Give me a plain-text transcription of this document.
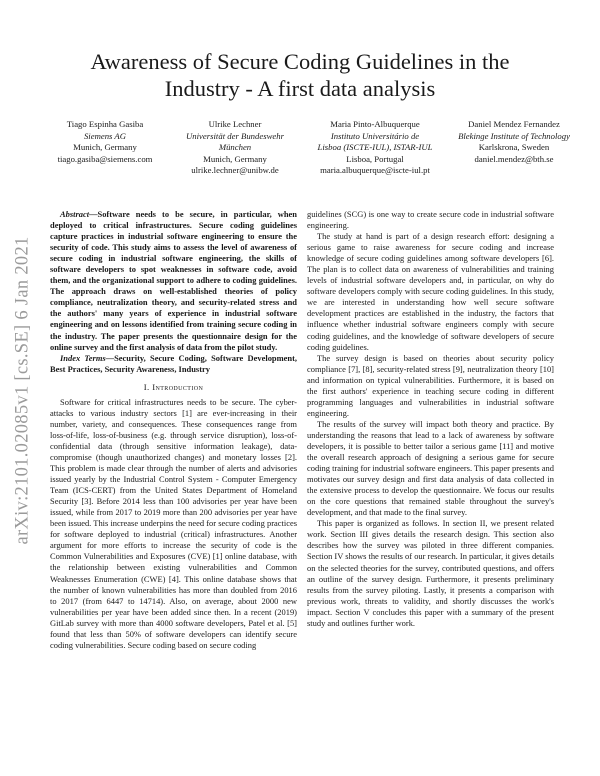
Awareness of Secure Coding Guidelines in the Industry - A first data analysis
Tiago Espinha Gasiba
Siemens AG
Munich, Germany
tiago.gasiba@siemens.com
Ulrike Lechner
Universität der Bundeswehr
München
Munich, Germany
ulrike.lechner@unibw.de
Maria Pinto-Albuquerque
Instituto Universitário de
Lisboa (ISCTE-IUL), ISTAR-IUL
Lisboa, Portugal
maria.albuquerque@iscte-iul.pt
Daniel Mendez Fernandez
Blekinge Institute of Technology
Karlskrona, Sweden
daniel.mendez@bth.se
arXiv:2101.02085v1 [cs.SE] 6 Jan 2021

Abstract—Software needs to be secure, in particular, when deployed to critical infrastructures. Secure coding guidelines capture practices in industrial software engineering to ensure the security of code. This study aims to assess the level of awareness of secure coding in industrial software engineering, the skills of software developers to spot weaknesses in software code, avoid them, and the organizational support to adhere to coding guidelines. The approach draws on well-established theories of policy compliance, neutralization theory, and security-related stress and the authors' many years of experience in industrial software engineering and on lessons identified from training secure coding in the industry. The paper presents the questionnaire design for the online survey and the first analysis of data from the pilot study.

Index Terms—Security, Secure Coding, Software Development, Best Practices, Security Awareness, Industry

I. Introduction

Software for critical infrastructures needs to be secure. The cyber-attacks to various industry sectors [1] are ever-increasing in their number, variety, and consequences. These consequences range from loss-of-life, loss-of-business (e.g. through service disruption), loss-of-confidential data (through sensitive information leakage), data-compromise (though unauthorized changes) and monetary losses [2]. This problem is made clear through the number of alerts and advisories issued yearly by the Industrial Control System - Computer Emergency Team (ICS-CERT) from the United States Department of Homeland Security [3]. Before 2014 less than 100 advisories per year have been issued, while from 2017 to 2019 more than 200 advisories per year have been issued. This increase underpins the need for secure coding practices for software deployed to industrial (critical) infrastructures. Another argument for more efforts to increase the security of code is the Common Vulnerabilities and Exposures (CVE) [1] online database, with the relationship between existing vulnerabilities and Common Weaknesses Enumeration (CWE) [4]. This online database shows that the number of known vulnerabilities has more than doubled from 2016 to 2017 (from 6447 to 14714). Also, on average, about 2000 new vulnerabilities per year have been added since then. In a recent (2019) GitLab survey with more than 4000 software developers, Patel et al. [5] found that less than 50% of software developers can identify secure coding vulnerabilities. Secure coding based on secure coding

guidelines (SCG) is one way to create secure code in industrial software engineering.

The study at hand is part of a design research effort: designing a serious game to raise awareness for secure coding and increase knowledge of secure coding guidelines among software developers [6]. The plan is to collect data on awareness of vulnerabilities and training levels of industrial software developers and, in particular, on why do software developers comply with secure coding guidelines. In this study, we are interested in understanding how well secure software development practices are established in the industry, the factors that influence whether industrial software engineers comply with secure coding guidelines, and the knowledge of software developers of secure coding guidelines.

The survey design is based on theories about security policy compliance [7], [8], security-related stress [9], neutralization theory [10] and information on typical vulnerabilities. Furthermore, it is based on the first authors' experience in teaching secure coding in different programming languages and vulnerabilities in industrial software engineering.

The results of the survey will impact both theory and practice. By understanding the reasons that lead to a lack of awareness by software developers, it is possible to better tailor a serious game [11] and motive the overall research approach of designing a serious game for secure coding training for industrial software engineers. This paper presents and motivates our survey design and first data analysis of data collected in the extensive process to develop the questionnaire. We focus our results on the core questions that remained stable throughout the survey's development, and that made to the final survey.

This paper is organized as follows. In section II, we present related work. Section III gives details the research design. This section also describes how the survey was piloted in three different companies. Section IV shows the results of our research. In particular, it gives details on the selected theories for the survey, contributed questions, and offers an outline of the survey design. Furthermore, it presents preliminary results from the survey piloting. Lastly, it presents a comparison with previous work, threats to validity, and shortly discusses the work's impact. Section V concludes this paper with a summary of the present study and outlines further work.
